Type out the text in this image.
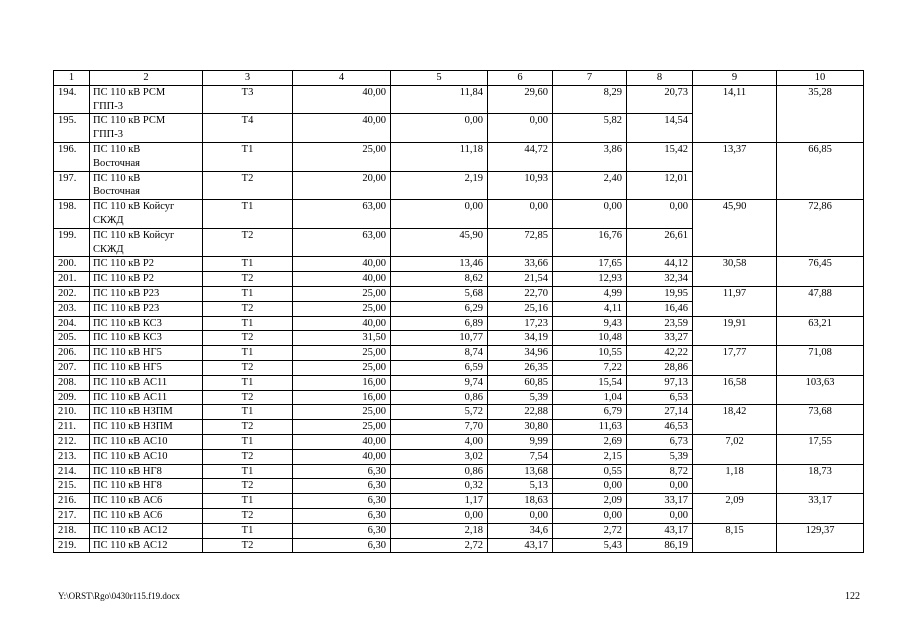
1	2	3	4	5	6	7	8	9	10
194.	ПС 110 кВ РСМ
ГПП-3	Т3	40,00	11,84	29,60	8,29	20,73	14,11	35,28
195.	ПС 110 кВ РСМ
ГПП-3	Т4	40,00	0,00	0,00	5,82	14,54		
196.	ПС 110 кВ
Восточная	Т1	25,00	11,18	44,72	3,86	15,42	13,37	66,85
197.	ПС 110 кВ
Восточная	Т2	20,00	2,19	10,93	2,40	12,01		
198.	ПС 110 кВ Койсуг
СКЖД	Т1	63,00	0,00	0,00	0,00	0,00	45,90	72,86
199.	ПС 110 кВ Койсуг
СКЖД	Т2	63,00	45,90	72,85	16,76	26,61		
200.	ПС 110 кВ Р2	Т1	40,00	13,46	33,66	17,65	44,12	30,58	76,45
201.	ПС 110 кВ Р2	Т2	40,00	8,62	21,54	12,93	32,34		
202.	ПС 110 кВ Р23	Т1	25,00	5,68	22,70	4,99	19,95	11,97	47,88
203.	ПС 110 кВ Р23	Т2	25,00	6,29	25,16	4,11	16,46		
204.	ПС 110 кВ КС3	Т1	40,00	6,89	17,23	9,43	23,59	19,91	63,21
205.	ПС 110 кВ КС3	Т2	31,50	10,77	34,19	10,48	33,27		
206.	ПС 110 кВ НГ5	Т1	25,00	8,74	34,96	10,55	42,22	17,77	71,08
207.	ПС 110 кВ НГ5	Т2	25,00	6,59	26,35	7,22	28,86		
208.	ПС 110 кВ АС11	Т1	16,00	9,74	60,85	15,54	97,13	16,58	103,63
209.	ПС 110 кВ АС11	Т2	16,00	0,86	5,39	1,04	6,53		
210.	ПС 110 кВ НЗПМ	Т1	25,00	5,72	22,88	6,79	27,14	18,42	73,68
211.	ПС 110 кВ НЗПМ	Т2	25,00	7,70	30,80	11,63	46,53		
212.	ПС 110 кВ АС10	Т1	40,00	4,00	9,99	2,69	6,73	7,02	17,55
213.	ПС 110 кВ АС10	Т2	40,00	3,02	7,54	2,15	5,39		
214.	ПС 110 кВ НГ8	Т1	6,30	0,86	13,68	0,55	8,72	1,18	18,73
215.	ПС 110 кВ НГ8	Т2	6,30	0,32	5,13	0,00	0,00		
216.	ПС 110 кВ АС6	Т1	6,30	1,17	18,63	2,09	33,17	2,09	33,17
217.	ПС 110 кВ АС6	Т2	6,30	0,00	0,00	0,00	0,00		
218.	ПС 110 кВ АС12	Т1	6,30	2,18	34,6	2,72	43,17	8,15	129,37
219.	ПС 110 кВ АС12	Т2	6,30	2,72	43,17	5,43	86,19		
Y:\ORST\Rgo\0430r115.f19.docx	122
